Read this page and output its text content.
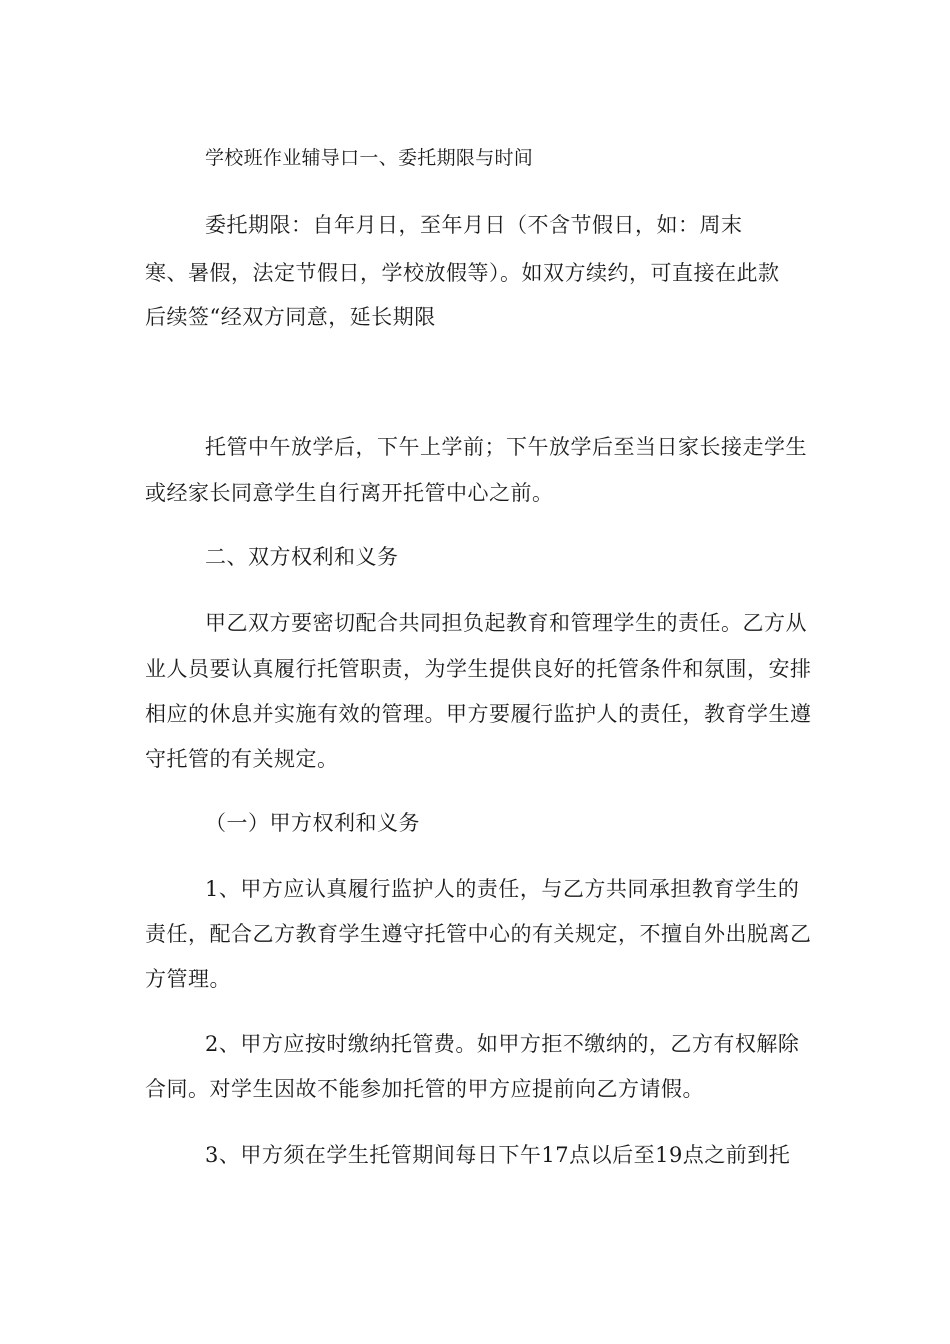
学校班作业辅导口一、委托期限与时间
委托期限：自年月日，至年月日（不含节假日，如：周末
寒、暑假，法定节假日，学校放假等）。如双方续约，可直接在此款
后续签“经双方同意，延长期限
托管中午放学后，下午上学前；下午放学后至当日家长接走学生
或经家长同意学生自行离开托管中心之前。
二、双方权利和义务
甲乙双方要密切配合共同担负起教育和管理学生的责任。乙方从
业人员要认真履行托管职责，为学生提供良好的托管条件和氛围，安排
相应的休息并实施有效的管理。甲方要履行监护人的责任，教育学生遵
守托管的有关规定。
（一）甲方权利和义务
1、甲方应认真履行监护人的责任，与乙方共同承担教育学生的
责任，配合乙方教育学生遵守托管中心的有关规定，不擅自外出脱离乙
方管理。
2、甲方应按时缴纳托管费。如甲方拒不缴纳的，乙方有权解除
合同。对学生因故不能参加托管的甲方应提前向乙方请假。
3、甲方须在学生托管期间每日下午17点以后至19点之前到托
